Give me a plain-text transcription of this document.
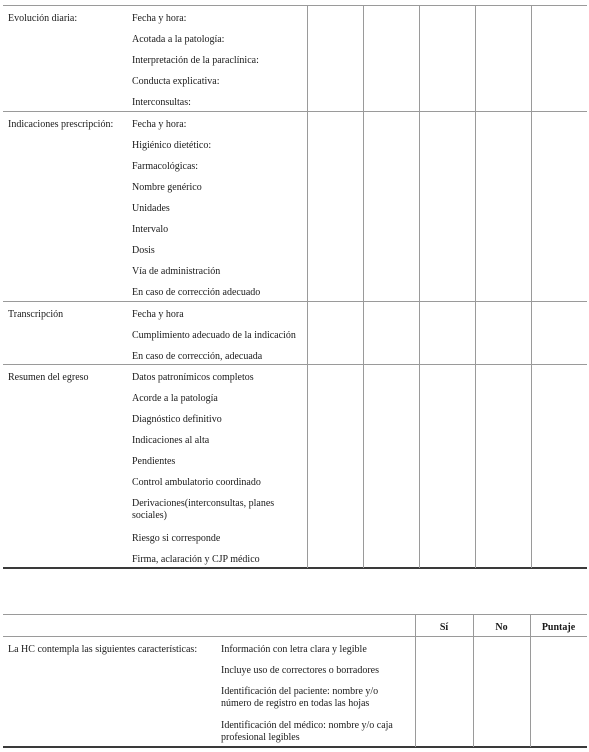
Evolución diaria:	Fecha y hora:
Acotada a la patología:
Interpretación de la paraclínica:
Conducta explicativa:
Interconsultas:
Indicaciones prescripción: Fecha y hora:
Higiénico dietético:
Farmacológicas:
Nombre genérico
Unidades
Intervalo
Dosis
Vía de administración
En caso de corrección adecuado
Transcripción	Fecha y hora
Cumplimiento adecuado de la indicación
En caso de corrección, adecuada
Resumen del egreso	Datos patronímicos completos
Acorde a la patología
Diagnóstico definitivo
Indicaciones al alta
Pendientes
Control ambulatorio coordinado
Derivaciones(interconsultas, planes sociales)
Riesgo si corresponde
Firma, aclaración y CJP médico
Sí	No	Puntaje
La HC contempla las siguientes características: Información con letra clara y legible
Incluye uso de correctores o borradores
Identificación del paciente: nombre y/o número de registro en todas las hojas
Identificación del médico: nombre y/o caja profesional legibles
